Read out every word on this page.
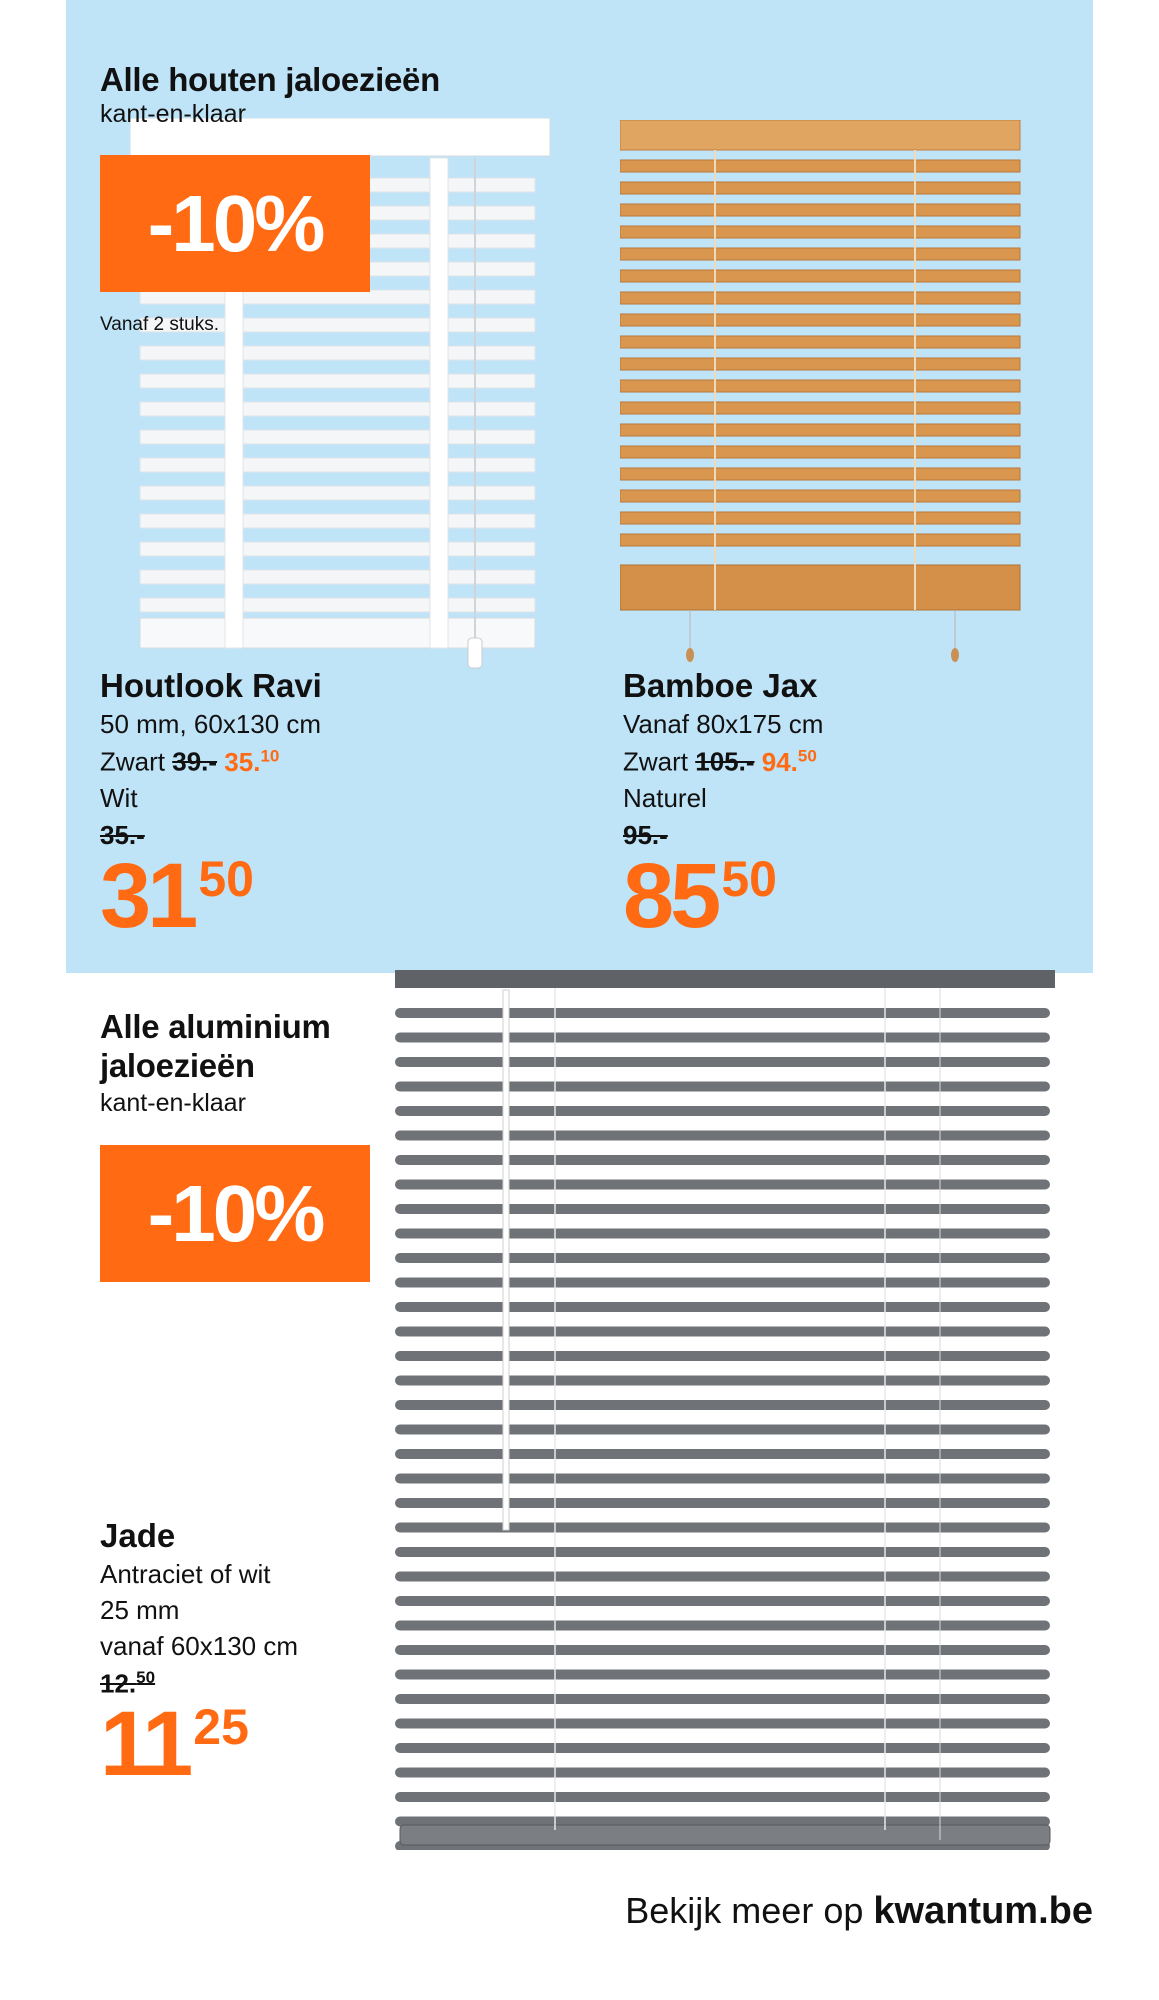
Alle houten jaloezieën
kant-en-klaar
-10%
Vanaf 2 stuks.
Houtlook Ravi
50 mm, 60x130 cm
Zwart 39.- 35.10
Wit
35.-
3150
Bamboe Jax
Vanaf 80x175 cm
Zwart 105.- 94.50
Naturel
95.-
8550
Alle aluminium
jaloezieën
kant-en-klaar
-10%
Jade
Antraciet of wit
25 mm
vanaf 60x130 cm
12.50
1125
Bekijk meer op kwantum.be
